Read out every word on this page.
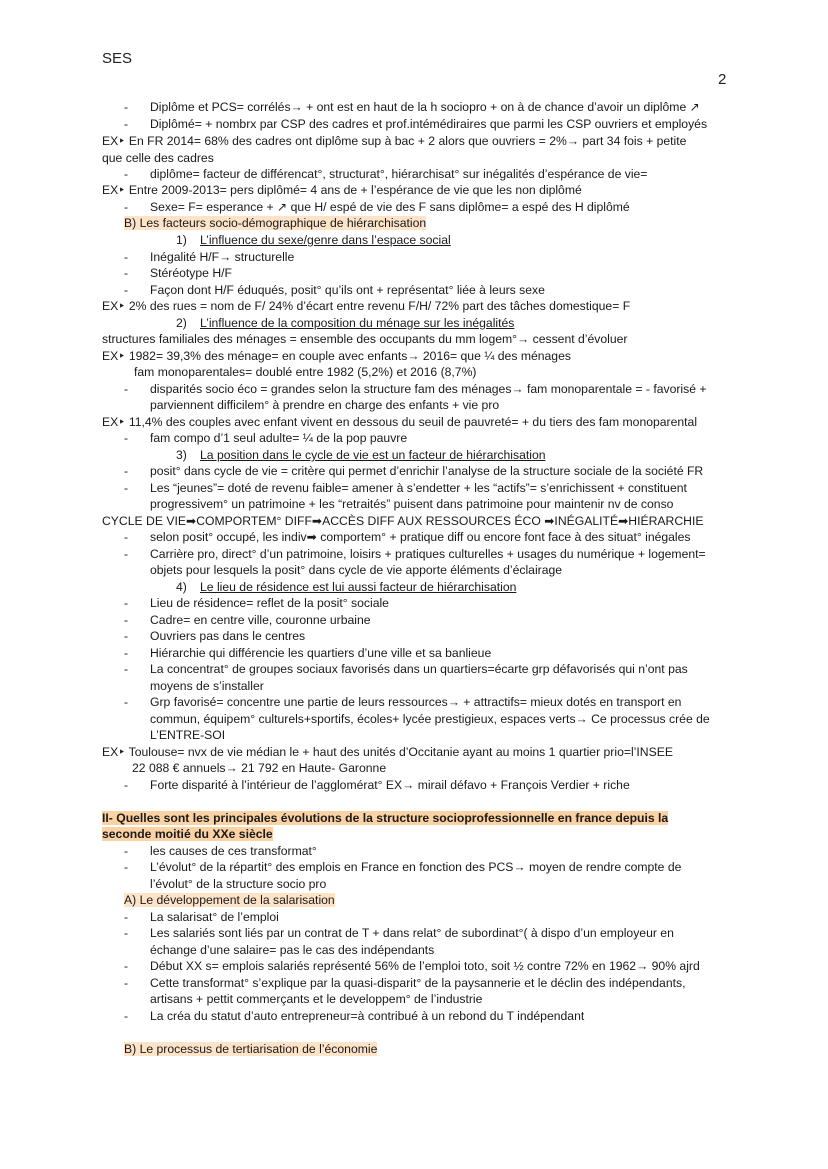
SES
2
- Diplôme et PCS= corrélés→ + ont est en haut de la h sociopro + on à de chance d’avoir un diplôme ↗
- Diplômé= + nombrx par CSP des cadres et prof.intémédiraires que parmi les CSP ouvriers et employés
EX‣ En FR 2014= 68% des cadres ont diplôme sup à bac + 2 alors que ouvriers = 2%→ part 34 fois + petite
que celle des cadres
- diplôme= facteur de différencat°, structurat°, hiérarchisat° sur inégalités d’espérance de vie=
EX‣ Entre 2009-2013= pers diplômé= 4 ans de + l’espérance de vie que les non diplômé
- Sexe= F= esperance + ↗ que H/ espé de vie des F sans diplôme= a espé des H diplômé
B) Les facteurs socio-démographique de hiérarchisation
1) L’influence du sexe/genre dans l’espace social
- Inégalité H/F→ structurelle
- Stéréotype H/F
- Façon dont H/F éduqués, posit° qu’ils ont + représentat° liée à leurs sexe
EX‣ 2% des rues = nom de F/ 24% d’écart entre revenu F/H/ 72% part des tâches domestique= F
2) L’influence de la composition du ménage sur les inégalités
structures familiales des ménages = ensemble des occupants du mm logem°→ cessent d’évoluer
EX‣ 1982= 39,3% des ménage= en couple avec enfants→ 2016= que ¼ des ménages
fam monoparentales= doublé entre 1982 (5,2%) et 2016 (8,7%)
- disparités socio éco = grandes selon la structure fam des ménages→ fam monoparentale = - favorisé +
parviennent difficilem° à prendre en charge des enfants + vie pro
EX‣ 11,4% des couples avec enfant vivent en dessous du seuil de pauvreté= + du tiers des fam monoparental
- fam compo d’1 seul adulte= ¼ de la pop pauvre
3) La position dans le cycle de vie est un facteur de hiérarchisation
- posit° dans cycle de vie = critère qui permet d’enrichir l’analyse de la structure sociale de la société FR
- Les “jeunes”= doté de revenu faible= amener à s’endetter + les “actifs”= s’enrichissent + constituent
progressivem° un patrimoine + les “retraités” puisent dans patrimoine pour maintenir nv de conso
CYCLE DE VIE➡COMPORTEM° DIFF➡ACCÈS DIFF AUX RESSOURCES ÉCO ➡INÉGALITÉ➡HIÉRARCHIE
- selon posit° occupé, les indiv➡ comportem° + pratique diff ou encore font face à des situat° inégales
- Carrière pro, direct° d’un patrimoine, loisirs + pratiques culturelles + usages du numérique + logement=
objets pour lesquels la posit° dans cycle de vie apporte éléments d’éclairage
4) Le lieu de résidence est lui aussi facteur de hiérarchisation
- Lieu de résidence= reflet de la posit° sociale
- Cadre= en centre ville, couronne urbaine
- Ouvriers pas dans le centres
- Hiérarchie qui différencie les quartiers d’une ville et sa banlieue
- La concentrat° de groupes sociaux favorisés dans un quartiers=écarte grp défavorisés qui n’ont pas
moyens de s’installer
- Grp favorisé= concentre une partie de leurs ressources→ + attractifs= mieux dotés en transport en
commun, équipem° culturels+sportifs, écoles+ lycée prestigieux, espaces verts→ Ce processus crée de
L’ENTRE-SOI
EX‣ Toulouse= nvx de vie médian le + haut des unités d’Occitanie ayant au moins 1 quartier prio=l’INSEE
22 088 € annuels→ 21 792 en Haute- Garonne
- Forte disparité à l’intérieur de l’agglomérat° EX→ mirail défavo + François Verdier + riche
II- Quelles sont les principales évolutions de la structure socioprofessionnelle en france depuis la
seconde moitié du XXe siècle
- les causes de ces transformat°
- L’évolut° de la répartit° des emplois en France en fonction des PCS→ moyen de rendre compte de
l’évolut° de la structure socio pro
A) Le développement de la salarisation
- La salarisat° de l’emploi
- Les salariés sont liés par un contrat de T + dans relat° de subordinat°( à dispo d’un employeur en
échange d’une salaire= pas le cas des indépendants
- Début XX s= emplois salariés représenté 56% de l’emploi toto, soit ½ contre 72% en 1962→ 90% ajrd
- Cette transformat° s’explique par la quasi-disparit° de la paysannerie et le déclin des indépendants,
artisans + pettit commerçants et le developpem° de l’industrie
- La créa du statut d’auto entrepreneur=à contribué à un rebond du T indépendant
B) Le processus de tertiarisation de l’économie
